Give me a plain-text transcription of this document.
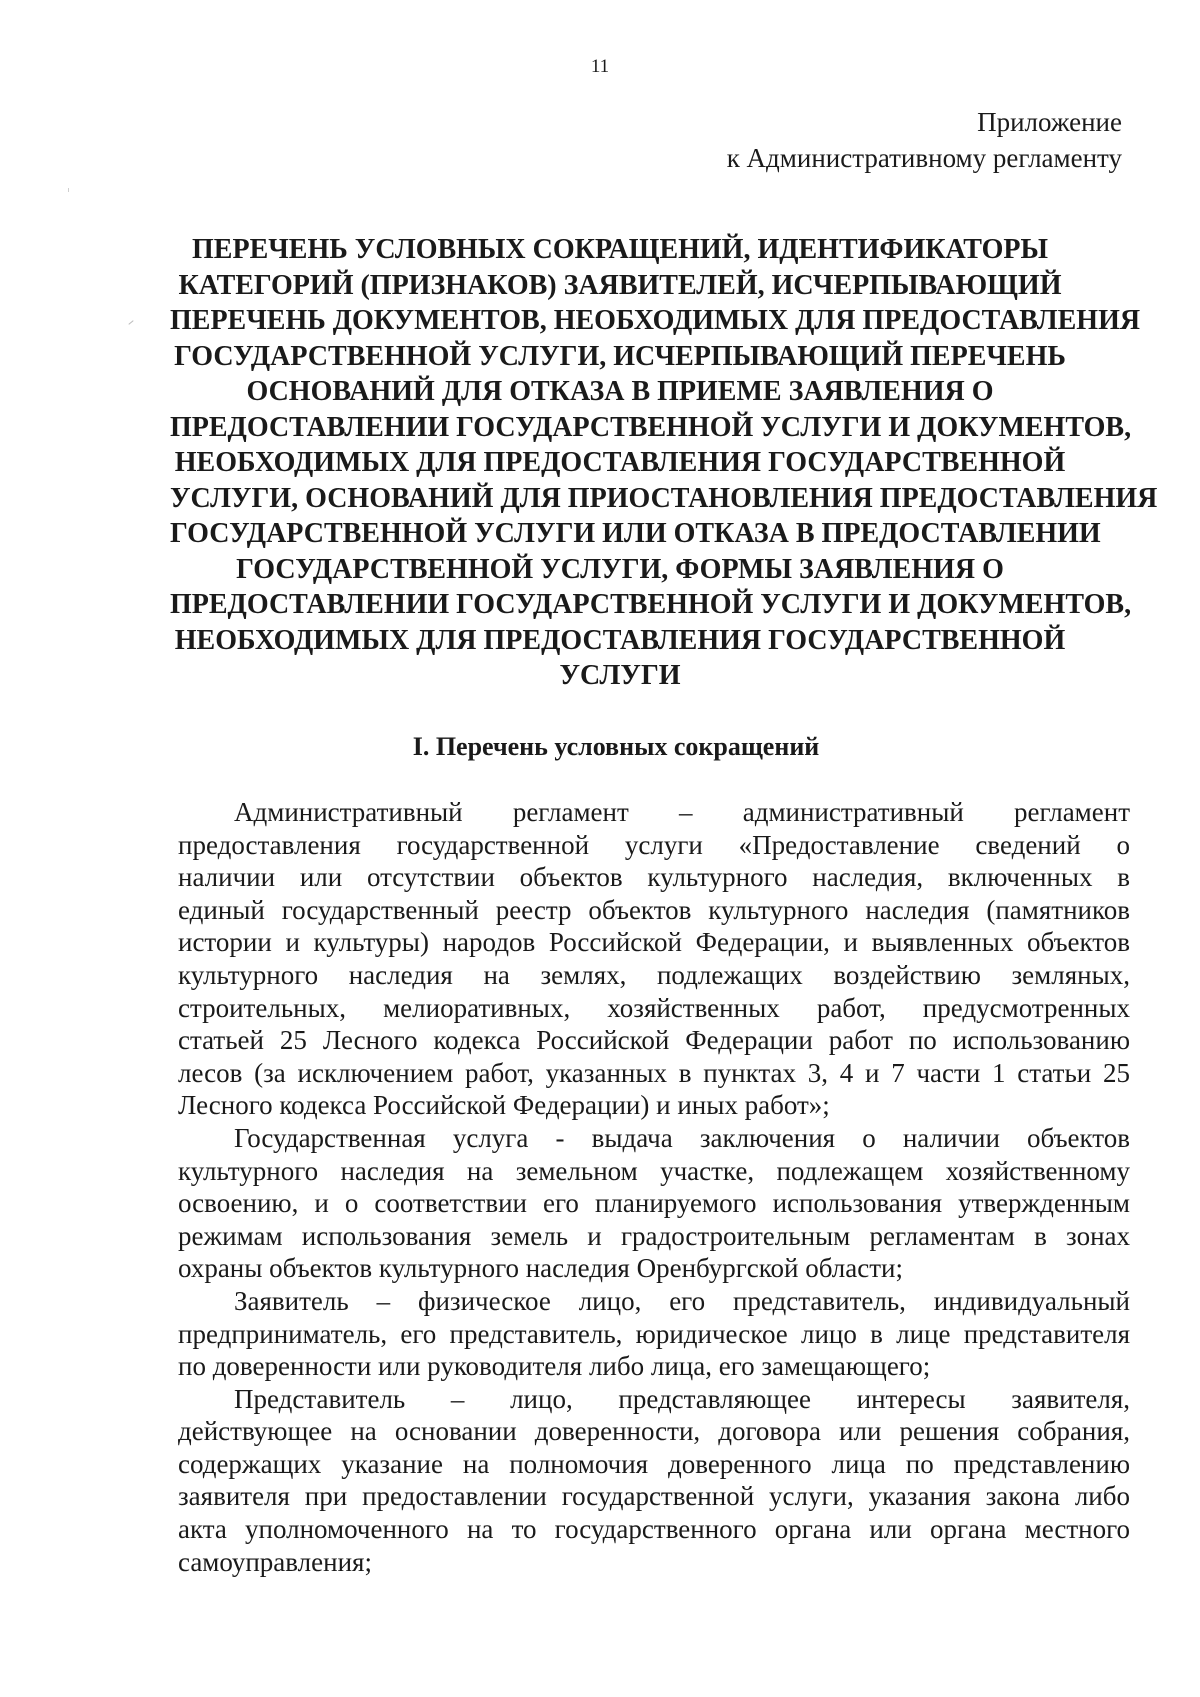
11
Приложение
к Административному регламенту
ПЕРЕЧЕНЬ УСЛОВНЫХ СОКРАЩЕНИЙ, ИДЕНТИФИКАТОРЫ
КАТЕГОРИЙ (ПРИЗНАКОВ) ЗАЯВИТЕЛЕЙ, ИСЧЕРПЫВАЮЩИЙ
ПЕРЕЧЕНЬ ДОКУМЕНТОВ, НЕОБХОДИМЫХ ДЛЯ ПРЕДОСТАВЛЕНИЯ
ГОСУДАРСТВЕННОЙ УСЛУГИ, ИСЧЕРПЫВАЮЩИЙ ПЕРЕЧЕНЬ
ОСНОВАНИЙ ДЛЯ ОТКАЗА В ПРИЕМЕ ЗАЯВЛЕНИЯ О
ПРЕДОСТАВЛЕНИИ ГОСУДАРСТВЕННОЙ УСЛУГИ И ДОКУМЕНТОВ,
НЕОБХОДИМЫХ ДЛЯ ПРЕДОСТАВЛЕНИЯ ГОСУДАРСТВЕННОЙ
УСЛУГИ, ОСНОВАНИЙ ДЛЯ ПРИОСТАНОВЛЕНИЯ ПРЕДОСТАВЛЕНИЯ
ГОСУДАРСТВЕННОЙ УСЛУГИ ИЛИ ОТКАЗА В ПРЕДОСТАВЛЕНИИ
ГОСУДАРСТВЕННОЙ УСЛУГИ, ФОРМЫ ЗАЯВЛЕНИЯ О
ПРЕДОСТАВЛЕНИИ ГОСУДАРСТВЕННОЙ УСЛУГИ И ДОКУМЕНТОВ,
НЕОБХОДИМЫХ ДЛЯ ПРЕДОСТАВЛЕНИЯ ГОСУДАРСТВЕННОЙ
УСЛУГИ
I. Перечень условных сокращений
Административный регламент – административный регламент
предоставления государственной услуги «Предоставление сведений о
наличии или отсутствии объектов культурного наследия, включенных в
единый государственный реестр объектов культурного наследия (памятников
истории и культуры) народов Российской Федерации, и выявленных объектов
культурного наследия на землях, подлежащих воздействию земляных,
строительных, мелиоративных, хозяйственных работ, предусмотренных
статьей 25 Лесного кодекса Российской Федерации работ по использованию
лесов (за исключением работ, указанных в пунктах 3, 4 и 7 части 1 статьи 25
Лесного кодекса Российской Федерации) и иных работ»;
Государственная услуга - выдача заключения о наличии объектов
культурного наследия на земельном участке, подлежащем хозяйственному
освоению, и о соответствии его планируемого использования утвержденным
режимам использования земель и градостроительным регламентам в зонах
охраны объектов культурного наследия Оренбургской области;
Заявитель – физическое лицо, его представитель, индивидуальный
предприниматель, его представитель, юридическое лицо в лице представителя
по доверенности или руководителя либо лица, его замещающего;
Представитель – лицо, представляющее интересы заявителя,
действующее на основании доверенности, договора или решения собрания,
содержащих указание на полномочия доверенного лица по представлению
заявителя при предоставлении государственной услуги, указания закона либо
акта уполномоченного на то государственного органа или органа местного
самоуправления;
